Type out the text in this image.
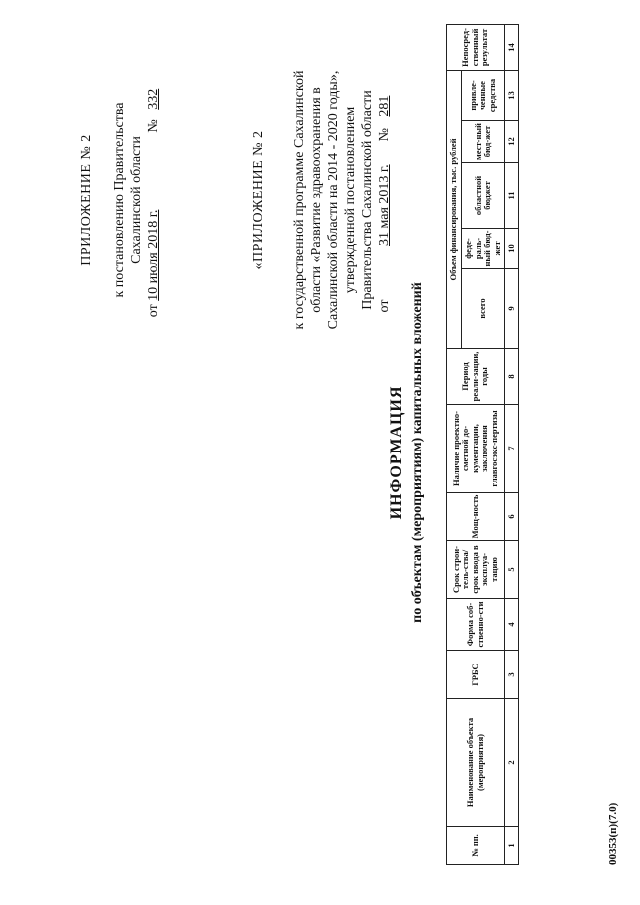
ПРИЛОЖЕНИЕ № 2 к постановлению Правительства Сахалинской области
от 10 июля 2018 г.  № 332
«ПРИЛОЖЕНИЕ № 2 к государственной программе Сахалинской области «Развитие здравоохранения в Сахалинской области на 2014 - 2020 годы», утвержденной постановлением Правительства Сахалинской области от 31 мая 2013 г.  № 281
ИНФОРМАЦИЯ по объектам (мероприятиям) капитальных вложений
№ пп.	Наименование объекта (мероприятия)	ГРБС	Форма соб-ственно-сти	Срок строи-тель-ства/срок ввода в эксплуа-тацию	Мощ-ность	Наличие проектно-сметной до-кументации, заключения главгосэкс-пертизы	Период реали-зации, годы	Объем финансирования, тыс. рублей					Непосред-ственный результат
								всего	феде-раль-ный бюд-жет	областной бюджет	мест-ный бюд-жет	привле-ченные средства	
1	2	3	4	5	6	7	8	9	10	11	12	13	14
00353(п)(7.0)
